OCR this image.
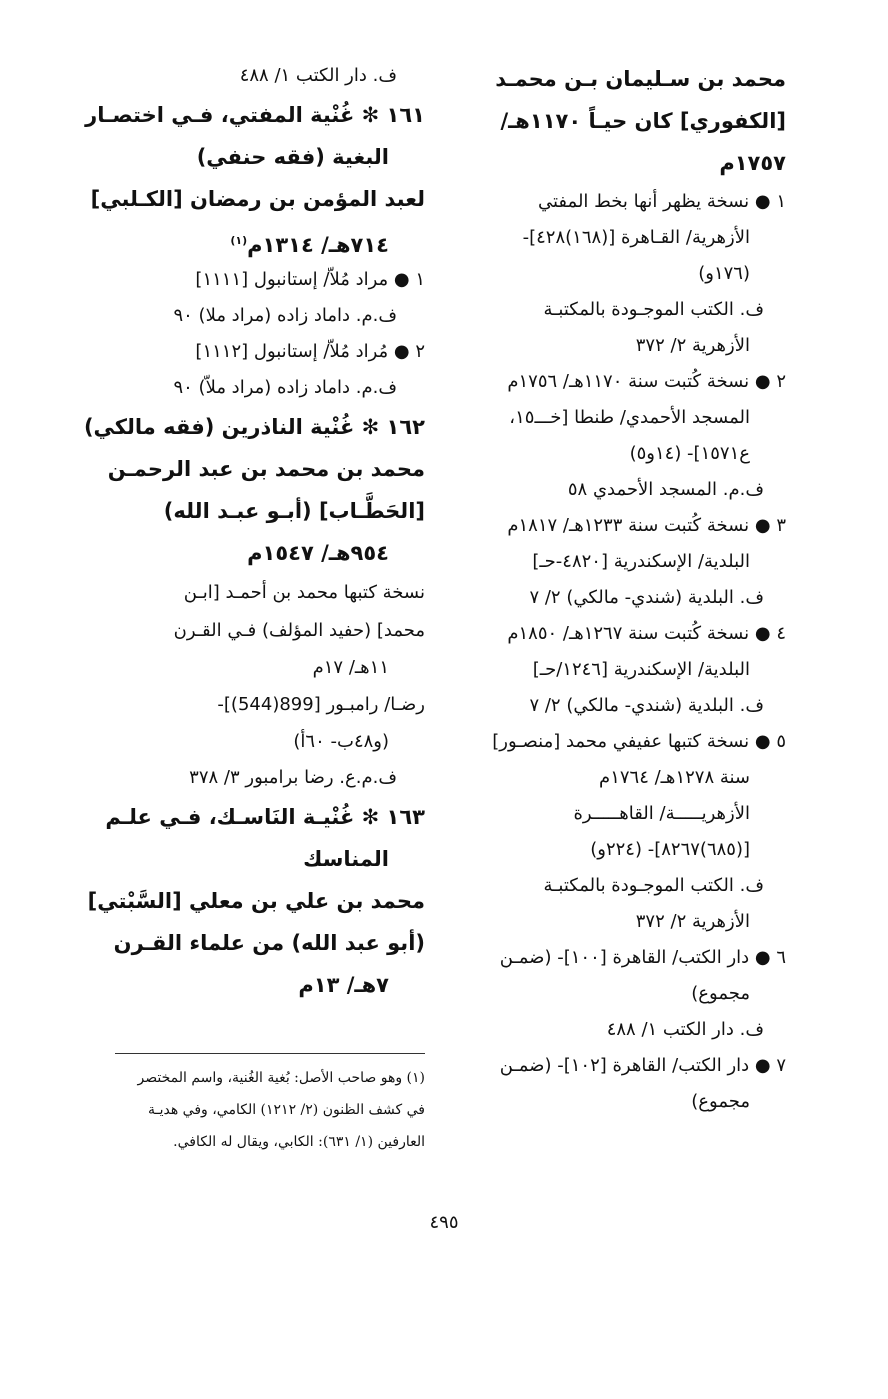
محمد بن سـليمان بـن محمـد
[الكفوري] كان حيـاً ١١٧٠هـ/
١٧٥٧م
١ ● نسخة يظهر أنها بخط المفتي
الأزهرية/ القـاهرة [(١٦٨)٤٢٨]-
(١٧٦و)
ف. الكتب الموجـودة بالمكتبـة
الأزهرية ٢/ ٣٧٢
٢ ● نسخة كُتبت سنة ١١٧٠هـ/ ١٧٥٦م
المسجد الأحمدي/ طنطا [خـــ١٥،
ع١٥٧١]- (١٤و٥)
ف.م. المسجد الأحمدي ٥٨
٣ ● نسخة كُتبت سنة ١٢٣٣هـ/ ١٨١٧م
البلدية/ الإسكندرية [٤٨٢٠-حـ]
ف. البلدية (شندي- مالكي) ٢/ ٧
٤ ● نسخة كُتبت سنة ١٢٦٧هـ/ ١٨٥٠م
البلدية/ الإسكندرية [١٢٤٦/حـ]
ف. البلدية (شندي- مالكي) ٢/ ٧
٥ ● نسخة كتبها عفيفي محمد [منصـور]
سنة ١٢٧٨هـ/ ١٧٦٤م
الأزهريـــــة/ القاهـــــرة
[(٦٨٥)٨٢٦٧]- (٢٢٤و)
ف. الكتب الموجـودة بالمكتبـة
الأزهرية ٢/ ٣٧٢
٦ ● دار الكتب/ القاهرة [١٠٠]- (ضمـن
مجموع)
ف. دار الكتب ١/ ٤٨٨
٧ ● دار الكتب/ القاهرة [١٠٢]- (ضمـن
مجموع)
ف. دار الكتب ١/ ٤٨٨
١٦١ ✻ غُنْية المفتي، فـي اختصـار
البغية (فقه حنفي)
لعبد المؤمن بن رمضان [الكـلبي]
٧١٤هـ/ ١٣١٤م$^{(١)}$
١ ● مراد مُلاّ/ إستانبول [١١١١]
ف.م. داماد زاده (مراد ملا) ٩٠
٢ ● مُراد مُلاّ/ إستانبول [١١١٢]
ف.م. داماد زاده (مراد ملاّ) ٩٠
١٦٢ ✻ غُنْية الناذرين (فقه مالكي)
محمد بن محمد بن عبد الرحمـن
[الحَطَّـاب] (أبـو عبـد الله)
٩٥٤هـ/ ١٥٤٧م
نسخة كتبها محمد بن أحمـد [ابـن
محمد] (حفيد المؤلف) فـي القـرن
١١هـ/ ١٧م
رضـا/ رامبـور [899(544)]-
(و٤٨ب- ٦٠أ)
ف.م.ع. رضا برامبور ٣/ ٣٧٨
١٦٣ ✻ غُنْيـة النَاسـك، فـي علـم
المناسك
محمد بن علي بن معلي [السَّبْتي]
(أبو عبد الله) من علماء القـرن
٧هـ/ ١٣م
(١) وهو صاحب الأصل: بُغية الغُنية، واسم المختصر
في كشف الظنون (٢/ ١٢١٢) الكامي، وفي هديـة
العارفين (١/ ٦٣١): الكابي، ويقال له الكافي.
٤٩٥
